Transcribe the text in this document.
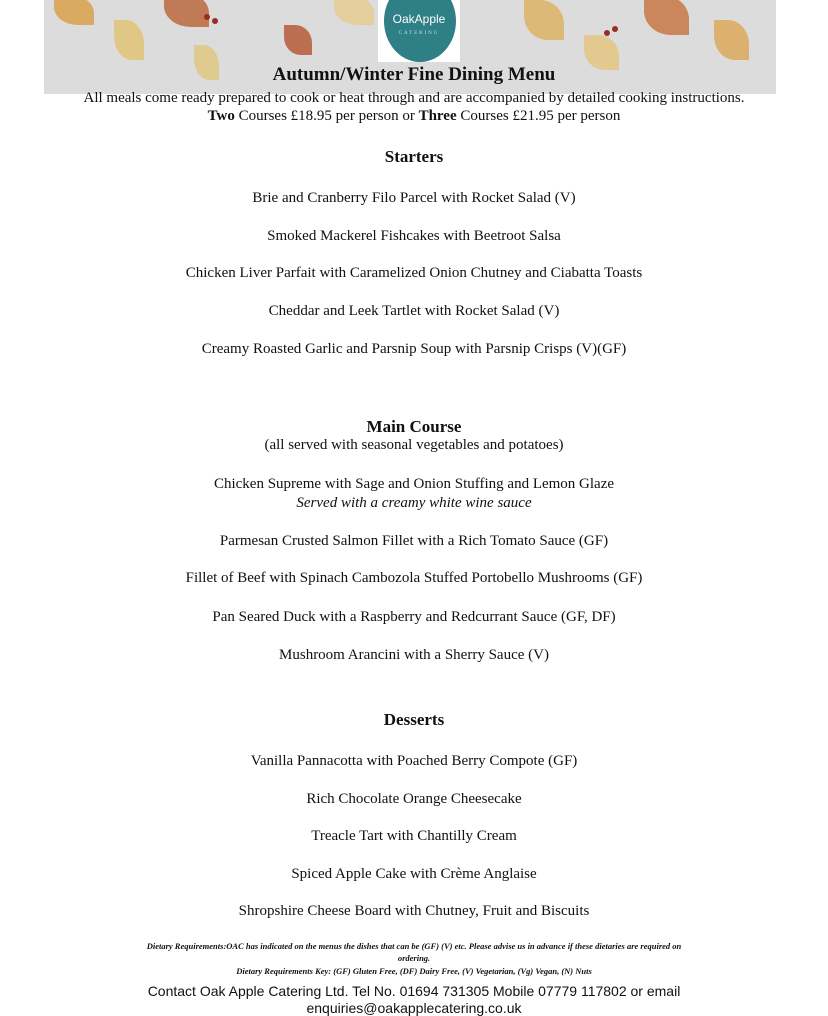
OakApple
CATERING
Autumn/Winter Fine Dining Menu
All meals come ready prepared to cook or heat through and are accompanied by detailed cooking instructions.
Two Courses £18.95 per person or Three Courses £21.95 per person
Starters
Brie and Cranberry Filo Parcel with Rocket Salad (V)
Smoked Mackerel Fishcakes with Beetroot Salsa
Chicken Liver Parfait with Caramelized Onion Chutney and Ciabatta Toasts
Cheddar and Leek Tartlet with Rocket Salad (V)
Creamy Roasted Garlic and Parsnip Soup with Parsnip Crisps (V)(GF)
Main Course
(all served with seasonal vegetables and potatoes)
Chicken Supreme with Sage and Onion Stuffing and Lemon Glaze
Served with a creamy white wine sauce
Parmesan Crusted Salmon Fillet with a Rich Tomato Sauce (GF)
Fillet of Beef with Spinach Cambozola Stuffed Portobello Mushrooms (GF)
Pan Seared Duck with a Raspberry and Redcurrant Sauce (GF, DF)
Mushroom Arancini with a Sherry Sauce (V)
Desserts
Vanilla Pannacotta with Poached Berry Compote (GF)
Rich Chocolate Orange Cheesecake
Treacle Tart with Chantilly Cream
Spiced Apple Cake with Crème Anglaise
Shropshire Cheese Board with Chutney, Fruit and Biscuits
Dietary Requirements:OAC has indicated on the menus the dishes that can be (GF) (V) etc. Please advise us in advance if these dietaries are required on
ordering.
Dietary Requirements Key: (GF) Gluten Free, (DF) Dairy Free, (V) Vegetarian, (Vg) Vegan, (N) Nuts
Contact Oak Apple Catering Ltd. Tel No. 01694 731305 Mobile 07779 117802 or email
enquiries@oakapplecatering.co.uk
